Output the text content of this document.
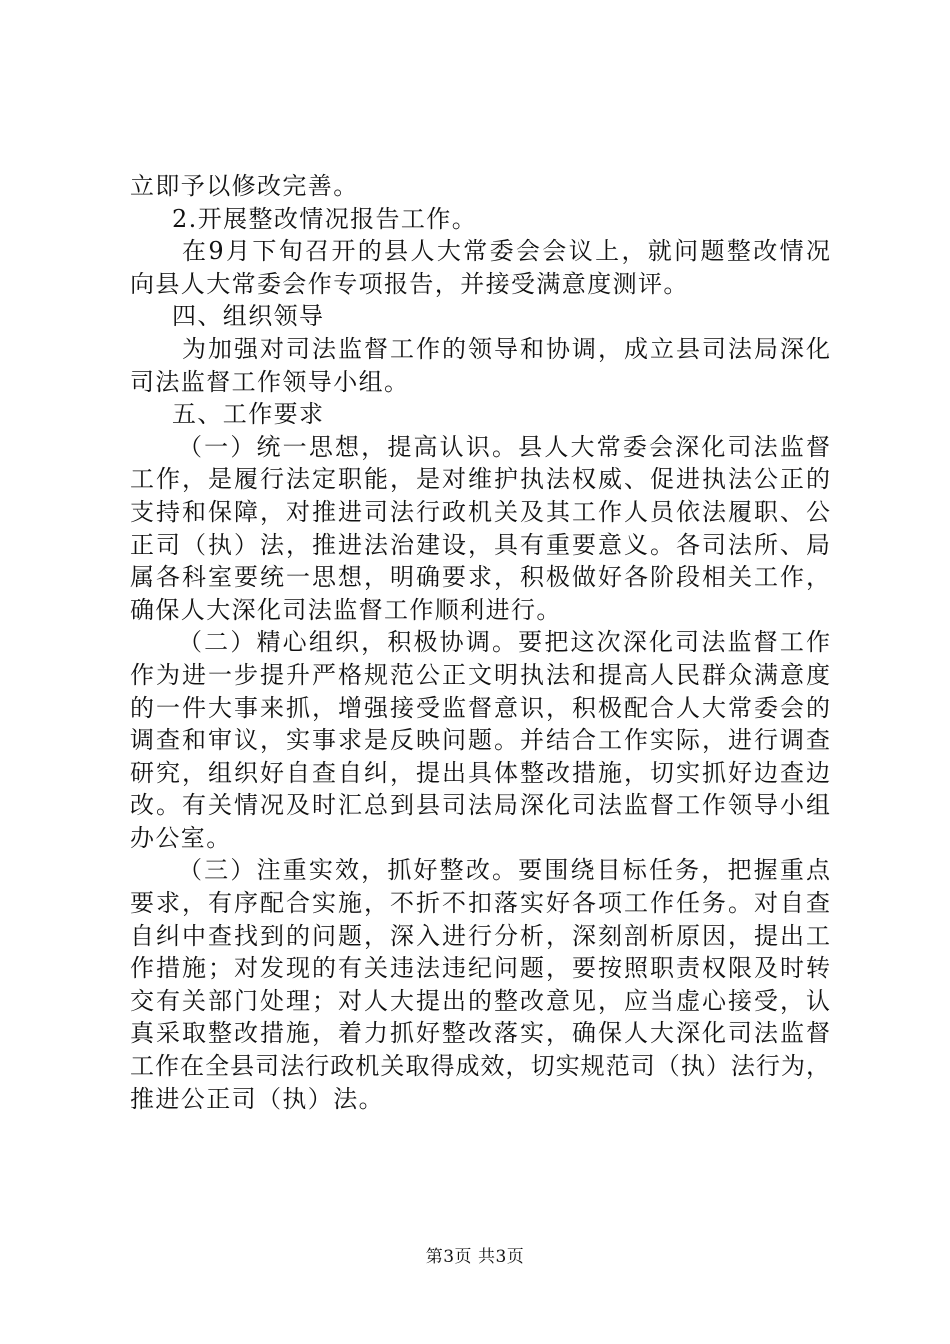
立即予以修改完善。
2.开展整改情况报告工作。
在9月下旬召开的县人大常委会会议上，就问题整改情况
向县人大常委会作专项报告，并接受满意度测评。
四、组织领导
为加强对司法监督工作的领导和协调，成立县司法局深化
司法监督工作领导小组。
五、工作要求
（一）统一思想，提高认识。县人大常委会深化司法监督
工作，是履行法定职能，是对维护执法权威、促进执法公正的
支持和保障，对推进司法行政机关及其工作人员依法履职、公
正司（执）法，推进法治建设，具有重要意义。各司法所、局
属各科室要统一思想，明确要求，积极做好各阶段相关工作，
确保人大深化司法监督工作顺利进行。
（二）精心组织，积极协调。要把这次深化司法监督工作
作为进一步提升严格规范公正文明执法和提高人民群众满意度
的一件大事来抓，增强接受监督意识，积极配合人大常委会的
调查和审议，实事求是反映问题。并结合工作实际，进行调查
研究，组织好自查自纠，提出具体整改措施，切实抓好边查边
改。有关情况及时汇总到县司法局深化司法监督工作领导小组
办公室。
（三）注重实效，抓好整改。要围绕目标任务，把握重点
要求，有序配合实施，不折不扣落实好各项工作任务。对自查
自纠中查找到的问题，深入进行分析，深刻剖析原因，提出工
作措施；对发现的有关违法违纪问题，要按照职责权限及时转
交有关部门处理；对人大提出的整改意见，应当虚心接受，认
真采取整改措施，着力抓好整改落实，确保人大深化司法监督
工作在全县司法行政机关取得成效，切实规范司（执）法行为，
推进公正司（执）法。
第3页 共3页
